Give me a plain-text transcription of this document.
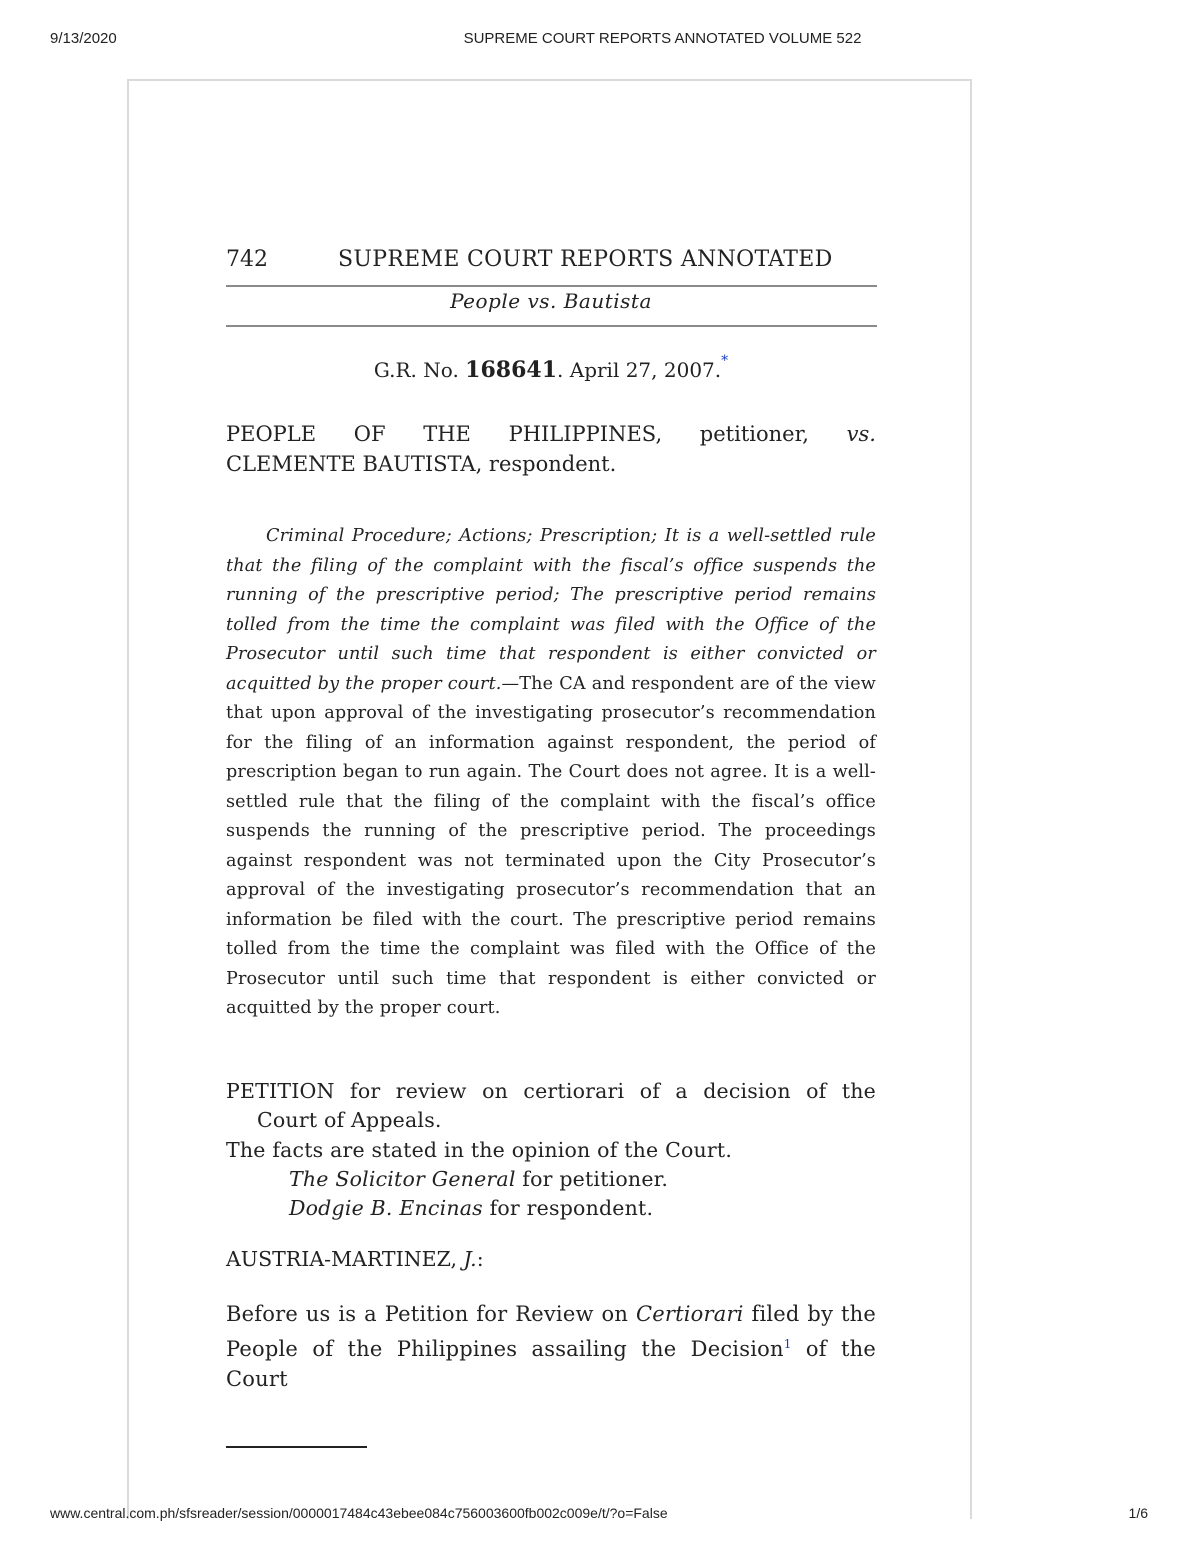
9/13/2020	SUPREME COURT REPORTS ANNOTATED VOLUME 522
742	SUPREME COURT REPORTS ANNOTATED
People vs. Bautista
G.R. No. 168641. April 27, 2007.*
PEOPLE OF THE PHILIPPINES, petitioner, vs.
CLEMENTE BAUTISTA, respondent.
Criminal Procedure; Actions; Prescription; It is a well-settled rule that the filing of the complaint with the fiscal’s office suspends the running of the prescriptive period; The prescriptive period remains tolled from the time the complaint was filed with the Office of the Prosecutor until such time that respondent is either convicted or acquitted by the proper court.—The CA and respondent are of the view that upon approval of the investigating prosecutor’s recommendation for the filing of an information against respondent, the period of prescription began to run again. The Court does not agree. It is a well-settled rule that the filing of the complaint with the fiscal’s office suspends the running of the prescriptive period. The proceedings against respondent was not terminated upon the City Prosecutor’s approval of the investigating prosecutor’s recommendation that an information be filed with the court. The prescriptive period remains tolled from the time the complaint was filed with the Office of the Prosecutor until such time that respondent is either convicted or acquitted by the proper court.
PETITION for review on certiorari of a decision of the
Court of Appeals.
The facts are stated in the opinion of the Court.
The Solicitor General for petitioner.
Dodgie B. Encinas for respondent.
AUSTRIA-MARTINEZ, J.:
Before us is a Petition for Review on Certiorari filed by the People of the Philippines assailing the Decision$^1$ of the Court
www.central.com.ph/sfsreader/session/0000017484c43ebee084c756003600fb002c009e/t/?o=False	1/6
